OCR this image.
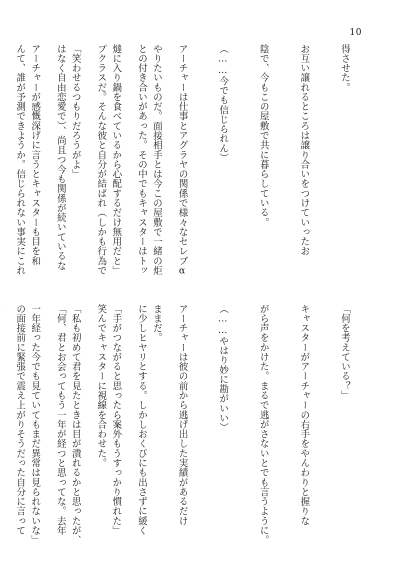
10

得させた。

お互い譲れるところは譲り合いをつけていったお

陰で、今もこの屋敷で共に暮らしている。

（……今でも信じられん）

アーチャーは仕事とアグラヤの関係で様々なセレブα

との付き合いがあった。その中でもキャスターはトッ

プクラスだ。そんな彼と自分が結ばれ（しかも行為で

はなく自由恋愛で）、尚且つ今も関係が続いているな

んて、誰が予測できようか。信じられない事実にこれ

「何を考えている？」

キャスターがアーチャーの右手をやんわりと握りな

がら声をかけた。まるで逃がさないとでも言うように。

（……やはり妙に勘がいい）

アーチャーは彼の前から逃げ出した実績があるだけ

に少しヒヤリとする。しかしおくびにも出さずに緩く

笑んでキャスターに視線を合わせた。

「何、君とお会ってもう一年が経つと思ってな。去年

の面接前に緊張で震え上がりそうだった自分に言って

やりたいものだ。面接相手とは今この屋敷で一緒の炬

燵に入り鍋を食べているから心配するだけ無用だと」

「笑わせるつもりだろうがよ」

アーチャーが感慨深げに言うとキャスターも目を和

ままだ。

「手がつながると思ったら案外もうすっかり慣れた」

「私も初めて君を見たときは目が潰れるかと思ったが、

一年経った今でも見ていてもまだ異常は見られないな」
